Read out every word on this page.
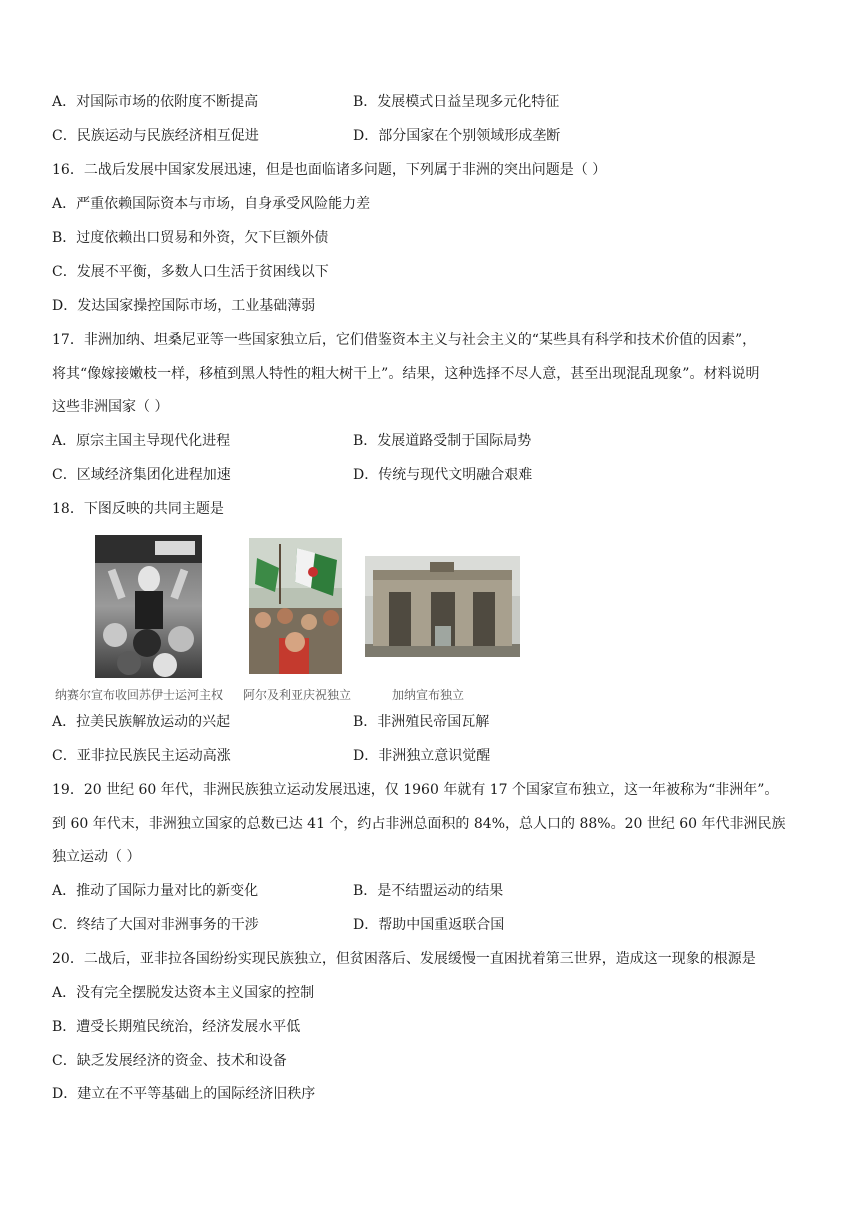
A．对国际市场的依附度不断提高	B．发展模式日益呈现多元化特征
C．民族运动与民族经济相互促进	D．部分国家在个别领域形成垄断
16．二战后发展中国家发展迅速，但是也面临诸多问题，下列属于非洲的突出问题是（ ）
A．严重依赖国际资本与市场，自身承受风险能力差
B．过度依赖出口贸易和外资，欠下巨额外债
C．发展不平衡，多数人口生活于贫困线以下
D．发达国家操控国际市场，工业基础薄弱
17．非洲加纳、坦桑尼亚等一些国家独立后，它们借鉴资本主义与社会主义的“某些具有科学和技术价值的因素”，
将其“像嫁接嫩枝一样，移植到黑人特性的粗大树干上”。结果，这种选择不尽人意，甚至出现混乱现象”。材料说明
这些非洲国家（ ）
A．原宗主国主导现代化进程	B．发展道路受制于国际局势
C．区域经济集团化进程加速	D．传统与现代文明融合艰难
18．下图反映的共同主题是
纳赛尔宣布收回苏伊士运河主权 阿尔及利亚庆祝独立	加纳宣布独立
A．拉美民族解放运动的兴起	B．非洲殖民帝国瓦解
C．亚非拉民族民主运动高涨	D．非洲独立意识觉醒
19．20 世纪 60 年代，非洲民族独立运动发展迅速，仅 1960 年就有 17 个国家宣布独立，这一年被称为“非洲年”。
到 60 年代末，非洲独立国家的总数已达 41 个，约占非洲总面积的 84%，总人口的 88%。20 世纪 60 年代非洲民族
独立运动（ ）
A．推动了国际力量对比的新变化	B．是不结盟运动的结果
C．终结了大国对非洲事务的干涉	D．帮助中国重返联合国
20．二战后，亚非拉各国纷纷实现民族独立，但贫困落后、发展缓慢一直困扰着第三世界，造成这一现象的根源是
A．没有完全摆脱发达资本主义国家的控制
B．遭受长期殖民统治，经济发展水平低
C．缺乏发展经济的资金、技术和设备
D．建立在不平等基础上的国际经济旧秩序
